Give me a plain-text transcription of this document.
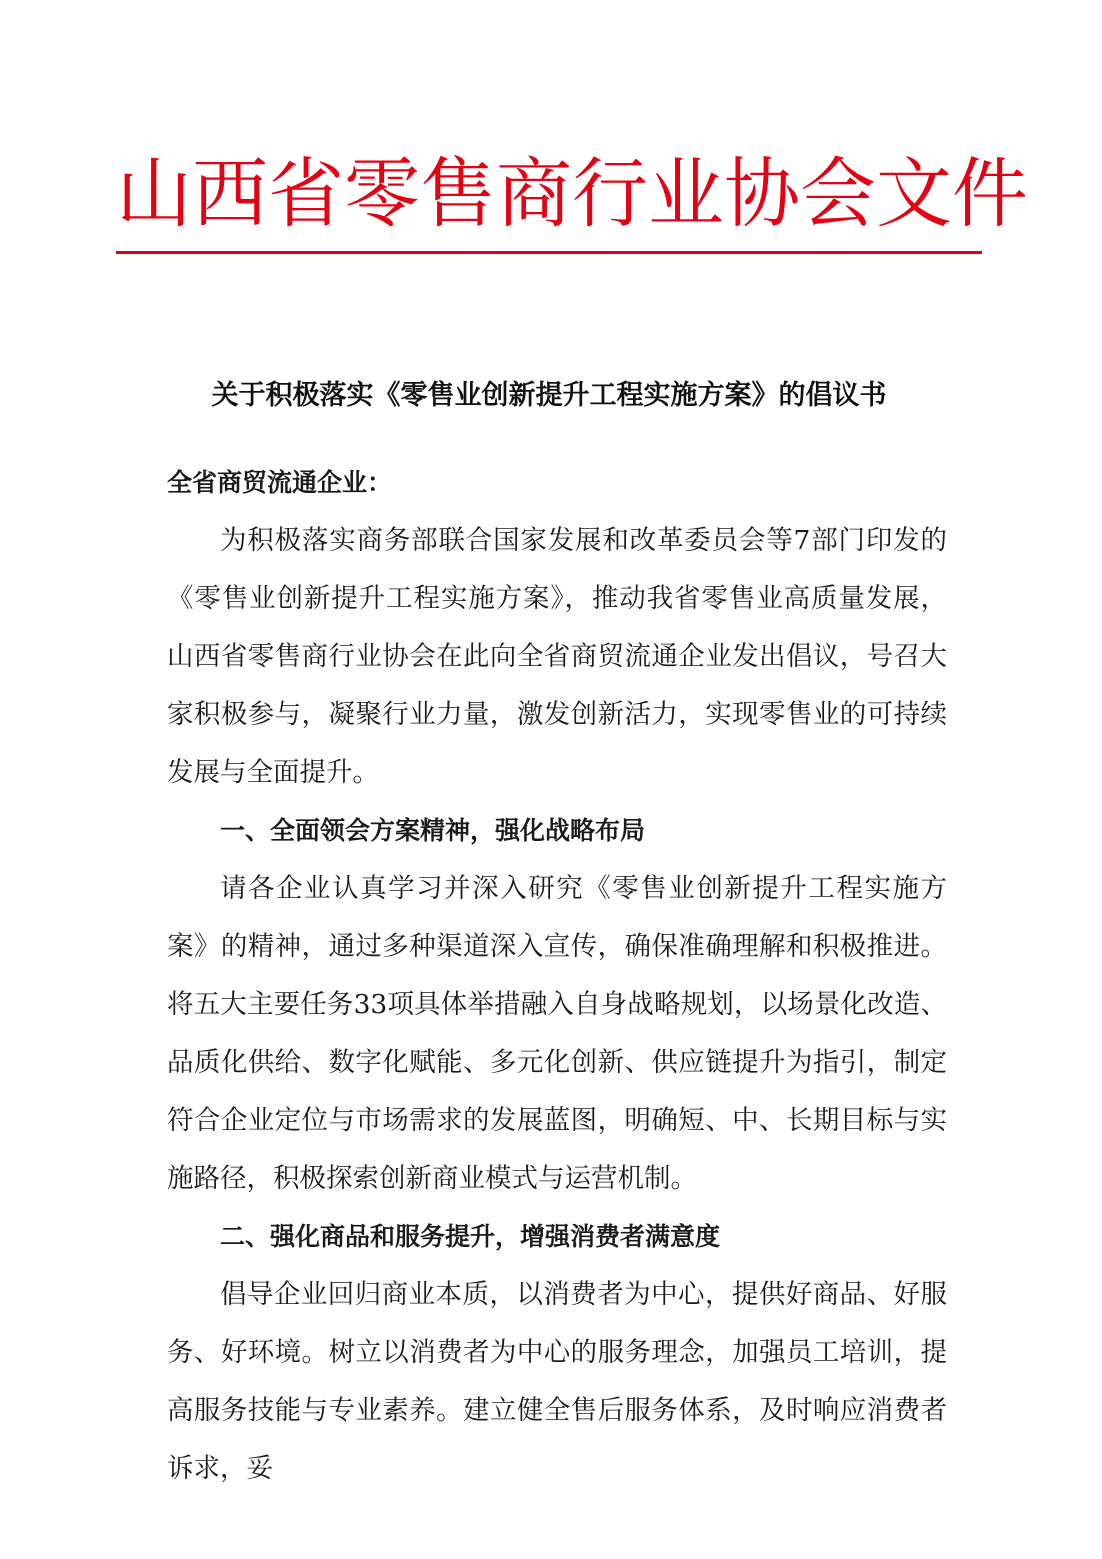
山西省零售商行业协会文件
关于积极落实《零售业创新提升工程实施方案》的倡议书

全省商贸流通企业：

为积极落实商务部联合国家发展和改革委员会等7部门印发的《零售业创新提升工程实施方案》，推动我省零售业高质量发展，山西省零售商行业协会在此向全省商贸流通企业发出倡议，号召大家积极参与，凝聚行业力量，激发创新活力，实现零售业的可持续发展与全面提升。

一、全面领会方案精神，强化战略布局

请各企业认真学习并深入研究《零售业创新提升工程实施方案》的精神，通过多种渠道深入宣传，确保准确理解和积极推进。将五大主要任务33项具体举措融入自身战略规划，以场景化改造、品质化供给、数字化赋能、多元化创新、供应链提升为指引，制定符合企业定位与市场需求的发展蓝图，明确短、中、长期目标与实施路径，积极探索创新商业模式与运营机制。

二、强化商品和服务提升，增强消费者满意度

倡导企业回归商业本质，以消费者为中心，提供好商品、好服务、好环境。树立以消费者为中心的服务理念，加强员工培训，提高服务技能与专业素养。建立健全售后服务体系，及时响应消费者诉求，妥
